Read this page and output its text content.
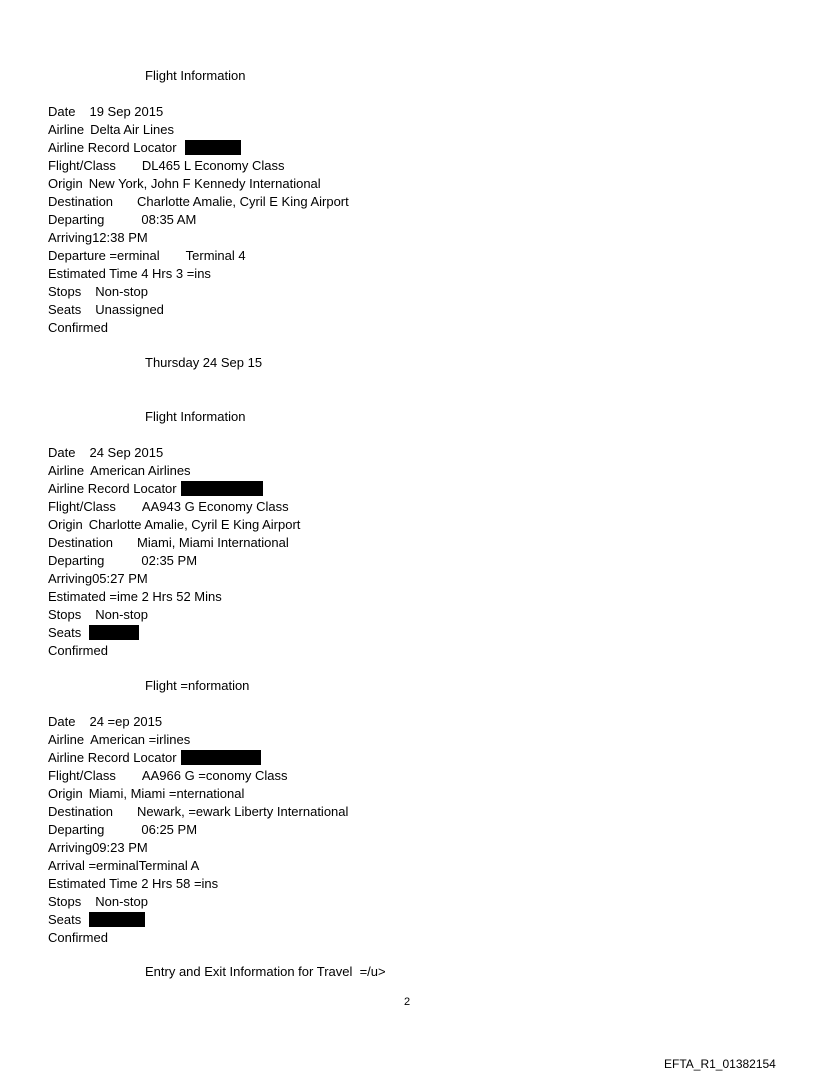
Flight Information
Date 19 Sep 2015
Airline Delta Air Lines
Airline Record Locator
Flight/Class DL465 L Economy Class
Origin New York, John F Kennedy International
Destination Charlotte Amalie, Cyril E King Airport
Departing	08:35 AM
Arriving12:38 PM
Departure =erminal Terminal 4
Estimated Time 4 Hrs 3 =ins
Stops Non-stop
Seats Unassigned
Confirmed
Thursday 24 Sep 15
Flight Information
Date 24 Sep 2015
Airline American Airlines
Airline Record Locator
Flight/Class AA943 G Economy Class
Origin Charlotte Amalie, Cyril E King Airport
Destination Miami, Miami International
Departing	02:35 PM
Arriving05:27 PM
Estimated =ime 2 Hrs 52 Mins
Stops Non-stop
Seats
Confirmed
Flight =nformation
Date 24 =ep 2015
Airline American =irlines
Airline Record Locator
Flight/Class AA966 G =conomy Class
Origin Miami, Miami =nternational
Destination Newark, =ewark Liberty International
Departing	06:25 PM
Arriving09:23 PM
Arrival =erminalTerminal A
Estimated Time 2 Hrs 58 =ins
Stops Non-stop
Seats
Confirmed
Entry and Exit Information for Travel  =/u>
2
EFTA_R1_01382154
